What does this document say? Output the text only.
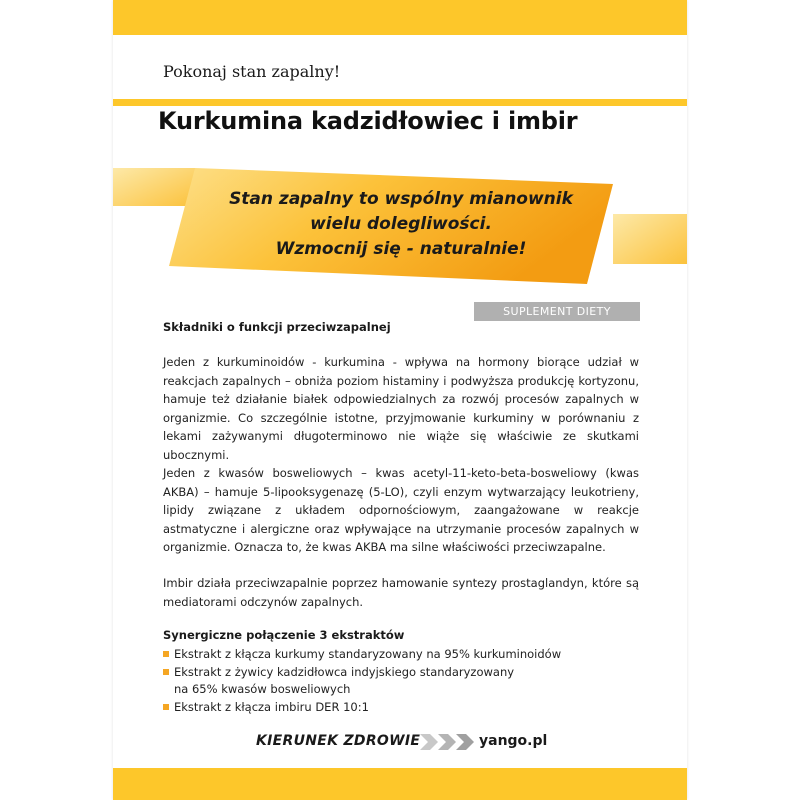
Pokonaj stan zapalny!
Kurkumina kadzidłowiec i imbir
Stan zapalny to wspólny mianownik
wielu dolegliwości.
Wzmocnij się - naturalnie!
SUPLEMENT DIETY
Składniki o funkcji przeciwzapalnej
Jeden z kurkuminoidów - kurkumina - wpływa na hormony biorące udział w reakcjach zapalnych – obniża poziom histaminy i podwyższa produkcję kortyzonu, hamuje też działanie białek odpowiedzialnych za rozwój procesów zapalnych w organizmie. Co szczególnie istotne, przyjmowanie kurkuminy w porównaniu z lekami zażywanymi długoterminowo nie wiąże się właściwie ze skutkami ubocznymi.
Jeden z kwasów bosweliowych – kwas acetyl-11-keto-beta-bosweliowy (kwas AKBA) – hamuje 5-lipooksygenazę (5-LO), czyli enzym wytwarzający leukotrieny, lipidy związane z układem odpornościowym, zaangażowane w reakcje astmatyczne i alergiczne oraz wpływające na utrzymanie procesów zapalnych w organizmie. Oznacza to, że kwas AKBA ma silne właściwości przeciwzapalne.
Imbir działa przeciwzapalnie poprzez hamowanie syntezy prostaglandyn, które są mediatorami odczynów zapalnych.
Synergiczne połączenie 3 ekstraktów
Ekstrakt z kłącza kurkumy standaryzowany na 95% kurkuminoidów
Ekstrakt z żywicy kadzidłowca indyjskiego standaryzowany
na 65% kwasów bosweliowych
Ekstrakt z kłącza imbiru DER 10:1
KIERUNEK ZDROWIE	yango.pl
